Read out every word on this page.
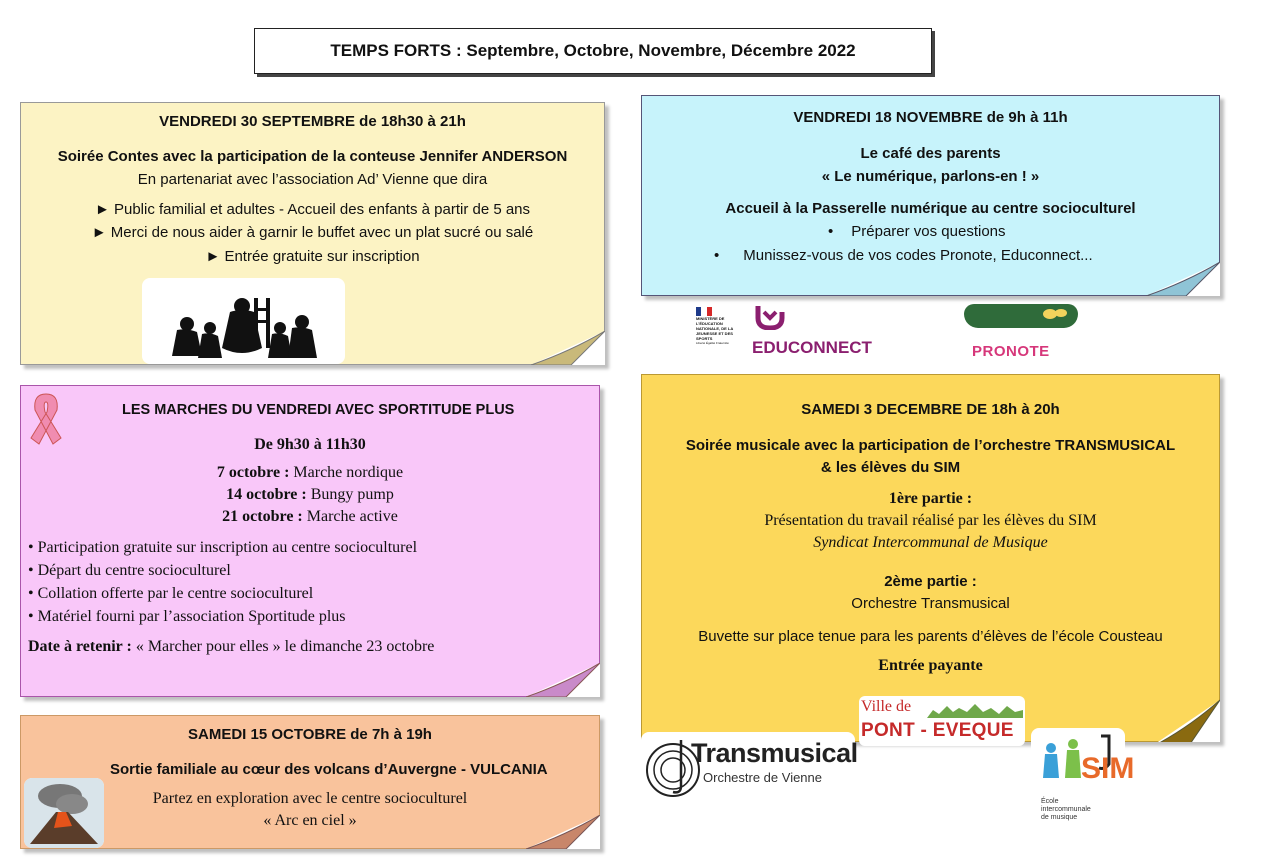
TEMPS FORTS : Septembre, Octobre, Novembre, Décembre 2022
VENDREDI 30 SEPTEMBRE de 18h30 à 21h
Soirée Contes avec la participation de la conteuse Jennifer ANDERSON
En partenariat avec l’association Ad’ Vienne que dira
► Public familial et adultes - Accueil des enfants à partir de 5 ans
► Merci de nous aider à garnir le buffet avec un plat sucré ou salé
► Entrée gratuite sur inscription
VENDREDI 18 NOVEMBRE de 9h à 11h
Le café des parents
« Le numérique, parlons-en ! »
Accueil à la Passerelle numérique au centre socioculturel
• Préparer vos questions
• Munissez-vous de vos codes Pronote, Educonnect...
MINISTÈRE DE L’ÉDUCATION NATIONALE, DE LA JEUNESSE ET DES SPORTS
Liberté Égalité Fraternité	EDUCONNECT	PRONOTE
LES MARCHES DU VENDREDI AVEC SPORTITUDE PLUS
De 9h30 à 11h30
7 octobre : Marche nordique
14 octobre : Bungy pump
21 octobre : Marche active
• Participation gratuite sur inscription au centre socioculturel
• Départ du centre socioculturel
• Collation offerte par le centre socioculturel
• Matériel fourni par l’association Sportitude plus
Date à retenir : « Marcher pour elles » le dimanche 23 octobre
SAMEDI 3 DECEMBRE DE 18h à 20h
Soirée musicale avec la participation de l’orchestre TRANSMUSICAL
& les élèves du SIM
1ère partie :
Présentation du travail réalisé par les élèves du SIM
Syndicat Intercommunal de Musique
2ème partie :
Orchestre Transmusical
Buvette sur place tenue para les parents d’élèves de l’école Cousteau
Entrée payante
SAMEDI 15 OCTOBRE de 7h à 19h
Sortie familiale au cœur des volcans d’Auvergne - VULCANIA
Partez en exploration avec le centre socioculturel
« Arc en ciel »
Ville de
PONT - EVEQUE
Transmusical
Orchestre de Vienne	SIM
École
intercommunale
de musique
